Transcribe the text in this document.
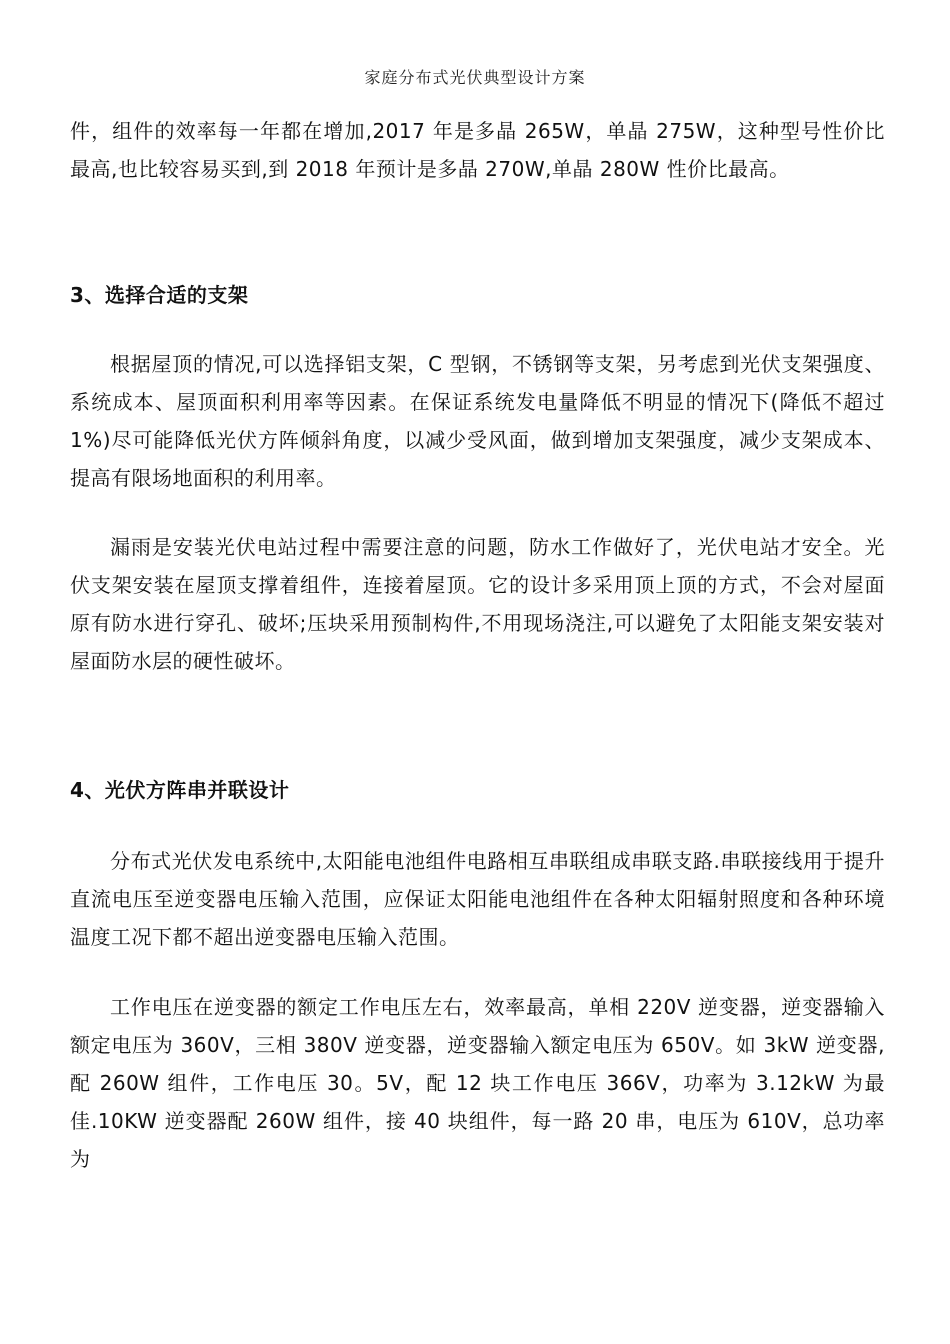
家庭分布式光伏典型设计方案

件，组件的效率每一年都在增加,2017 年是多晶 265W，单晶 275W，这种型号性价比最高,也比较容易买到,到 2018 年预计是多晶 270W,单晶 280W 性价比最高。

3、选择合适的支架

根据屋顶的情况,可以选择铝支架，C 型钢，不锈钢等支架，另考虑到光伏支架强度、系统成本、屋顶面积利用率等因素。在保证系统发电量降低不明显的情况下(降低不超过 1%)尽可能降低光伏方阵倾斜角度，以减少受风面，做到增加支架强度，减少支架成本、提高有限场地面积的利用率。

漏雨是安装光伏电站过程中需要注意的问题，防水工作做好了，光伏电站才安全。光伏支架安装在屋顶支撑着组件，连接着屋顶。它的设计多采用顶上顶的方式，不会对屋面原有防水进行穿孔、破坏;压块采用预制构件,不用现场浇注,可以避免了太阳能支架安装对屋面防水层的硬性破坏。

4、光伏方阵串并联设计

分布式光伏发电系统中,太阳能电池组件电路相互串联组成串联支路.串联接线用于提升直流电压至逆变器电压输入范围，应保证太阳能电池组件在各种太阳辐射照度和各种环境温度工况下都不超出逆变器电压输入范围。

工作电压在逆变器的额定工作电压左右，效率最高，单相 220V 逆变器，逆变器输入额定电压为 360V，三相 380V 逆变器，逆变器输入额定电压为 650V。如 3kW 逆变器,配 260W 组件，工作电压 30。5V，配 12 块工作电压 366V，功率为 3.12kW 为最佳.10KW 逆变器配 260W 组件，接 40 块组件，每一路 20 串，电压为 610V，总功率为
